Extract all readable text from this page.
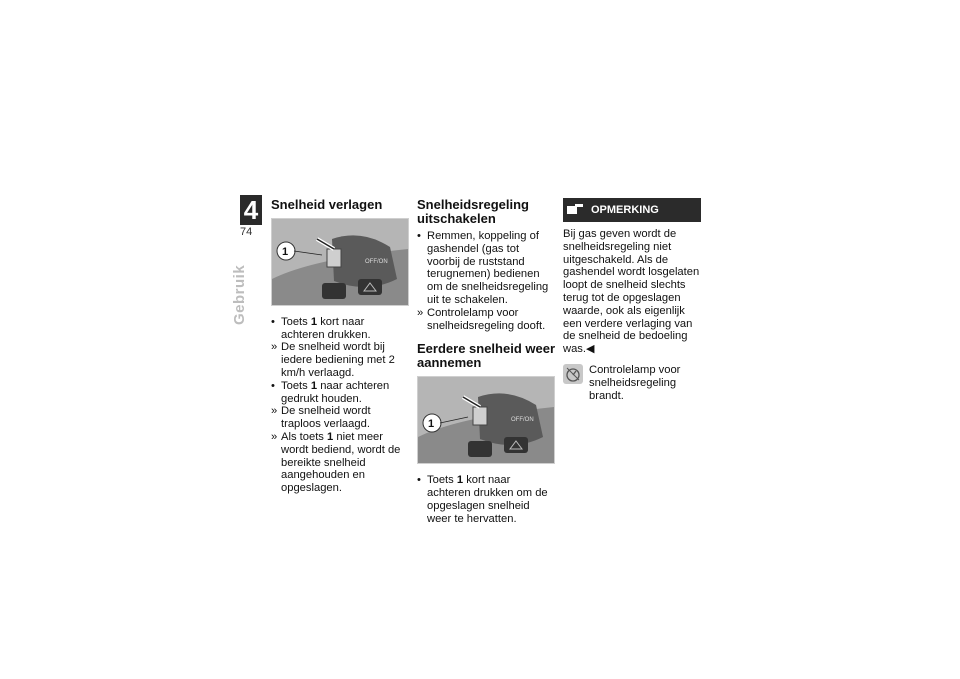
4
74
Gebruik
Snelheid verlagen
OFF/ON
1
• Toets 1 kort naar achteren drukken.
» De snelheid wordt bij iedere bediening met 2 km/h verlaagd.
• Toets 1 naar achteren gedrukt houden.
» De snelheid wordt traploos verlaagd.
» Als toets 1 niet meer wordt bediend, wordt de bereikte snelheid aangehouden en opgeslagen.
Snelheidsregeling uitschakelen
• Remmen, koppeling of gashendel (gas tot voorbij de ruststand terugnemen) bedienen om de snelheidsregeling uit te schakelen.
» Controlelamp voor snelheidsregeling dooft.
Eerdere snelheid weer aannemen
OFF/ON
1
• Toets 1 kort naar achteren drukken om de opgeslagen snelheid weer te hervatten.
OPMERKING

Bij gas geven wordt de snelheidsregeling niet uitgeschakeld. Als de gashendel wordt losgelaten loopt de snelheid slechts terug tot de opgeslagen waarde, ook als eigenlijk een verdere verlaging van de snelheid de bedoeling was.◀

Controlelamp voor snelheidsregeling brandt.
